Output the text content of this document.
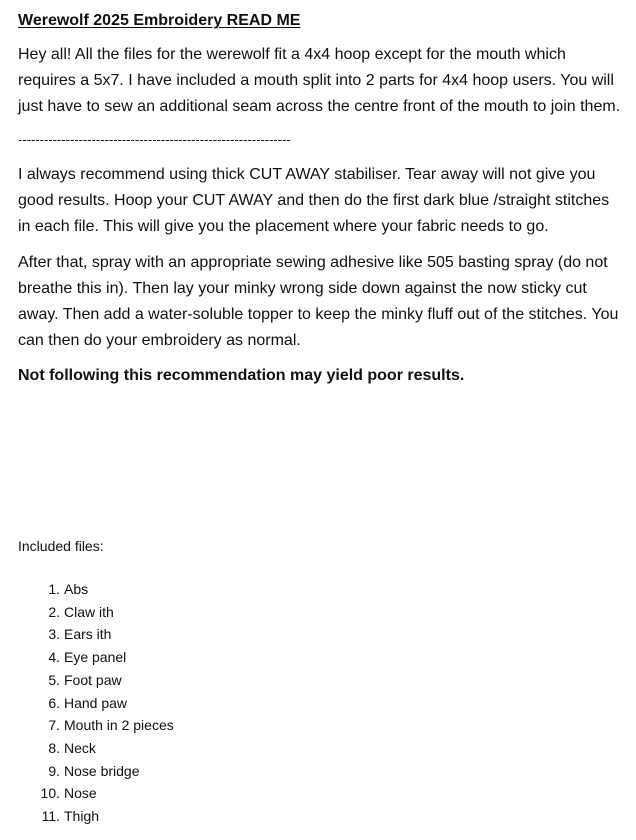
Werewolf 2025 Embroidery READ ME

Hey all! All the files for the werewolf fit a 4x4 hoop except for the mouth which requires a 5x7. I have included a mouth split into 2 parts for 4x4 hoop users. You will just have to sew an additional seam across the centre front of the mouth to join them.

---------------------------------------------------------------

I always recommend using thick CUT AWAY stabiliser. Tear away will not give you good results. Hoop your CUT AWAY and then do the first dark blue /straight stitches in each file. This will give you the placement where your fabric needs to go.

After that, spray with an appropriate sewing adhesive like 505 basting spray (do not breathe this in). Then lay your minky wrong side down against the now sticky cut away. Then add a water-soluble topper to keep the minky fluff out of the stitches. You can then do your embroidery as normal.

Not following this recommendation may yield poor results.

Included files:

1. Abs
2. Claw ith
3. Ears ith
4. Eye panel
5. Foot paw
6. Hand paw
7. Mouth in 2 pieces
8. Neck
9. Nose bridge
10. Nose
11. Thigh
